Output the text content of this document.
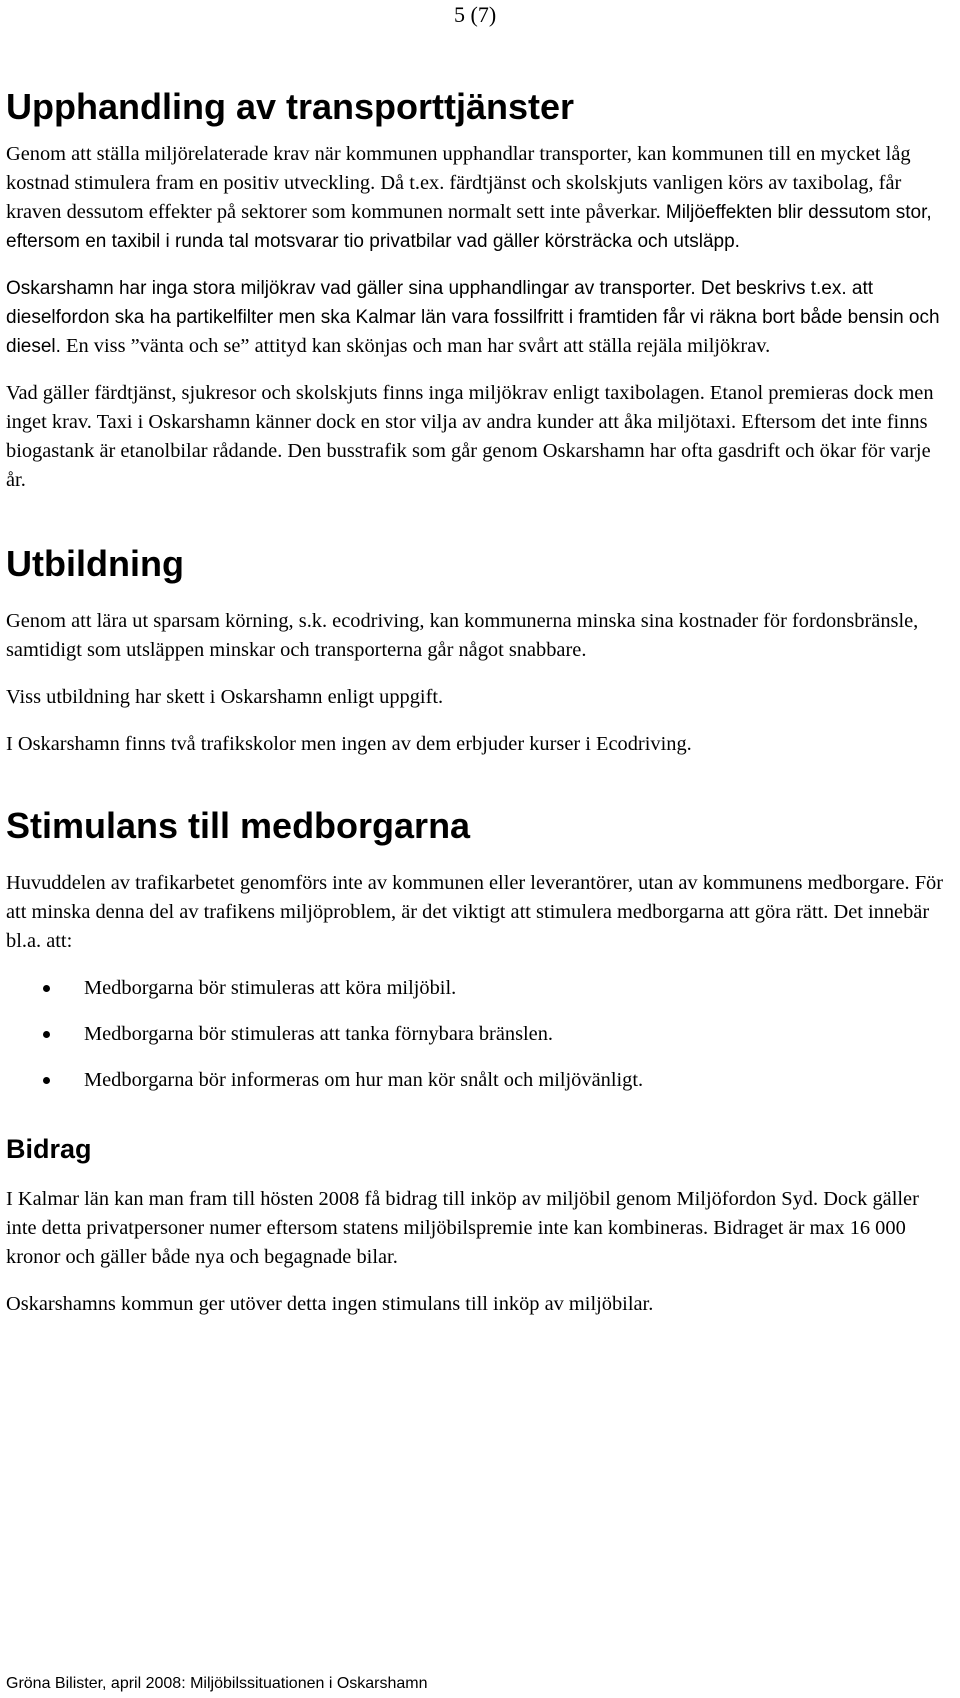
5 (7)
Upphandling av transporttjänster

Genom att ställa miljörelaterade krav när kommunen upphandlar transporter, kan kommunen till en mycket låg kostnad stimulera fram en positiv utveckling. Då t.ex. färdtjänst och skolskjuts vanligen körs av taxibolag, får kraven dessutom effekter på sektorer som kommunen normalt sett inte påverkar. Miljöeffekten blir dessutom stor, eftersom en taxibil i runda tal motsvarar tio privatbilar vad gäller körsträcka och utsläpp.

Oskarshamn har inga stora miljökrav vad gäller sina upphandlingar av transporter. Det beskrivs t.ex. att dieselfordon ska ha partikelfilter men ska Kalmar län vara fossilfritt i framtiden får vi räkna bort både bensin och diesel. En viss ”vänta och se” attityd kan skönjas och man har svårt att ställa rejäla miljökrav.

Vad gäller färdtjänst, sjukresor och skolskjuts finns inga miljökrav enligt taxibolagen. Etanol premieras dock men inget krav. Taxi i Oskarshamn känner dock en stor vilja av andra kunder att åka miljötaxi. Eftersom det inte finns biogastank är etanolbilar rådande. Den busstrafik som går genom Oskarshamn har ofta gasdrift och ökar för varje år.

Utbildning

Genom att lära ut sparsam körning, s.k. ecodriving, kan kommunerna minska sina kostnader för fordonsbränsle, samtidigt som utsläppen minskar och transporterna går något snabbare.

Viss utbildning har skett i Oskarshamn enligt uppgift.

I Oskarshamn finns två trafikskolor men ingen av dem erbjuder kurser i Ecodriving.

Stimulans till medborgarna

Huvuddelen av trafikarbetet genomförs inte av kommunen eller leverantörer, utan av kommunens medborgare. För att minska denna del av trafikens miljöproblem, är det viktigt att stimulera medborgarna att göra rätt. Det innebär bl.a. att:

Medborgarna bör stimuleras att köra miljöbil.
Medborgarna bör stimuleras att tanka förnybara bränslen.
Medborgarna bör informeras om hur man kör snålt och miljövänligt.
Bidrag

I Kalmar län kan man fram till hösten 2008 få bidrag till inköp av miljöbil genom Miljöfordon Syd. Dock gäller inte detta privatpersoner numer eftersom statens miljöbilspremie inte kan kombineras. Bidraget är max 16 000 kronor och gäller både nya och begagnade bilar.

Oskarshamns kommun ger utöver detta ingen stimulans till inköp av miljöbilar.

Gröna Bilister, april 2008: Miljöbilssituationen i Oskarshamn
